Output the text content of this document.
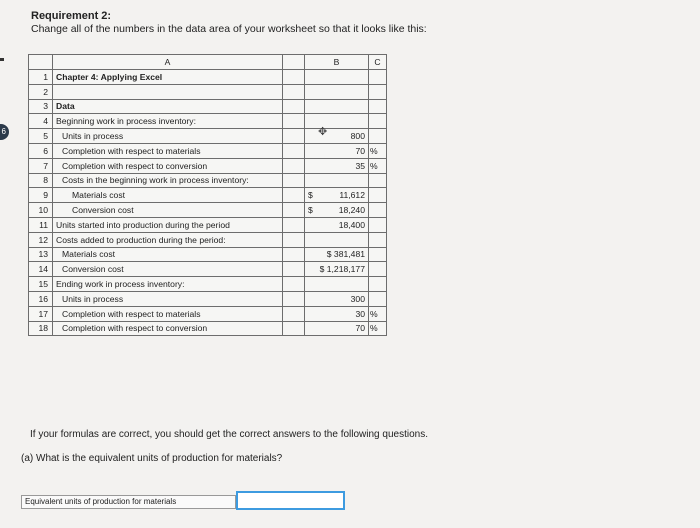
6
Requirement 2:
Change all of the numbers in the data area of your worksheet so that it looks like this:
	A		B	C
1	Chapter 4: Applying Excel			
2				
3	Data			
4	Beginning work in process inventory:			
5	Units in process		800	
6	Completion with respect to materials		70	%
7	Completion with respect to conversion		35	%
8	Costs in the beginning work in process inventory:			
9	Materials cost		$ 11,612	

10	Conversion cost		$ 18,240	

11	Units started into production during the period		18,400	
12	Costs added to production during the period:			
13	Materials cost		$ 381,481	
14	Conversion cost		$ 1,218,177	
15	Ending work in process inventory:			
16	Units in process		300	
17	Completion with respect to materials		30	%
18	Completion with respect to conversion		70	%
✥
If your formulas are correct, you should get the correct answers to the following questions.
(a) What is the equivalent units of production for materials?
Equivalent units of production for materials
